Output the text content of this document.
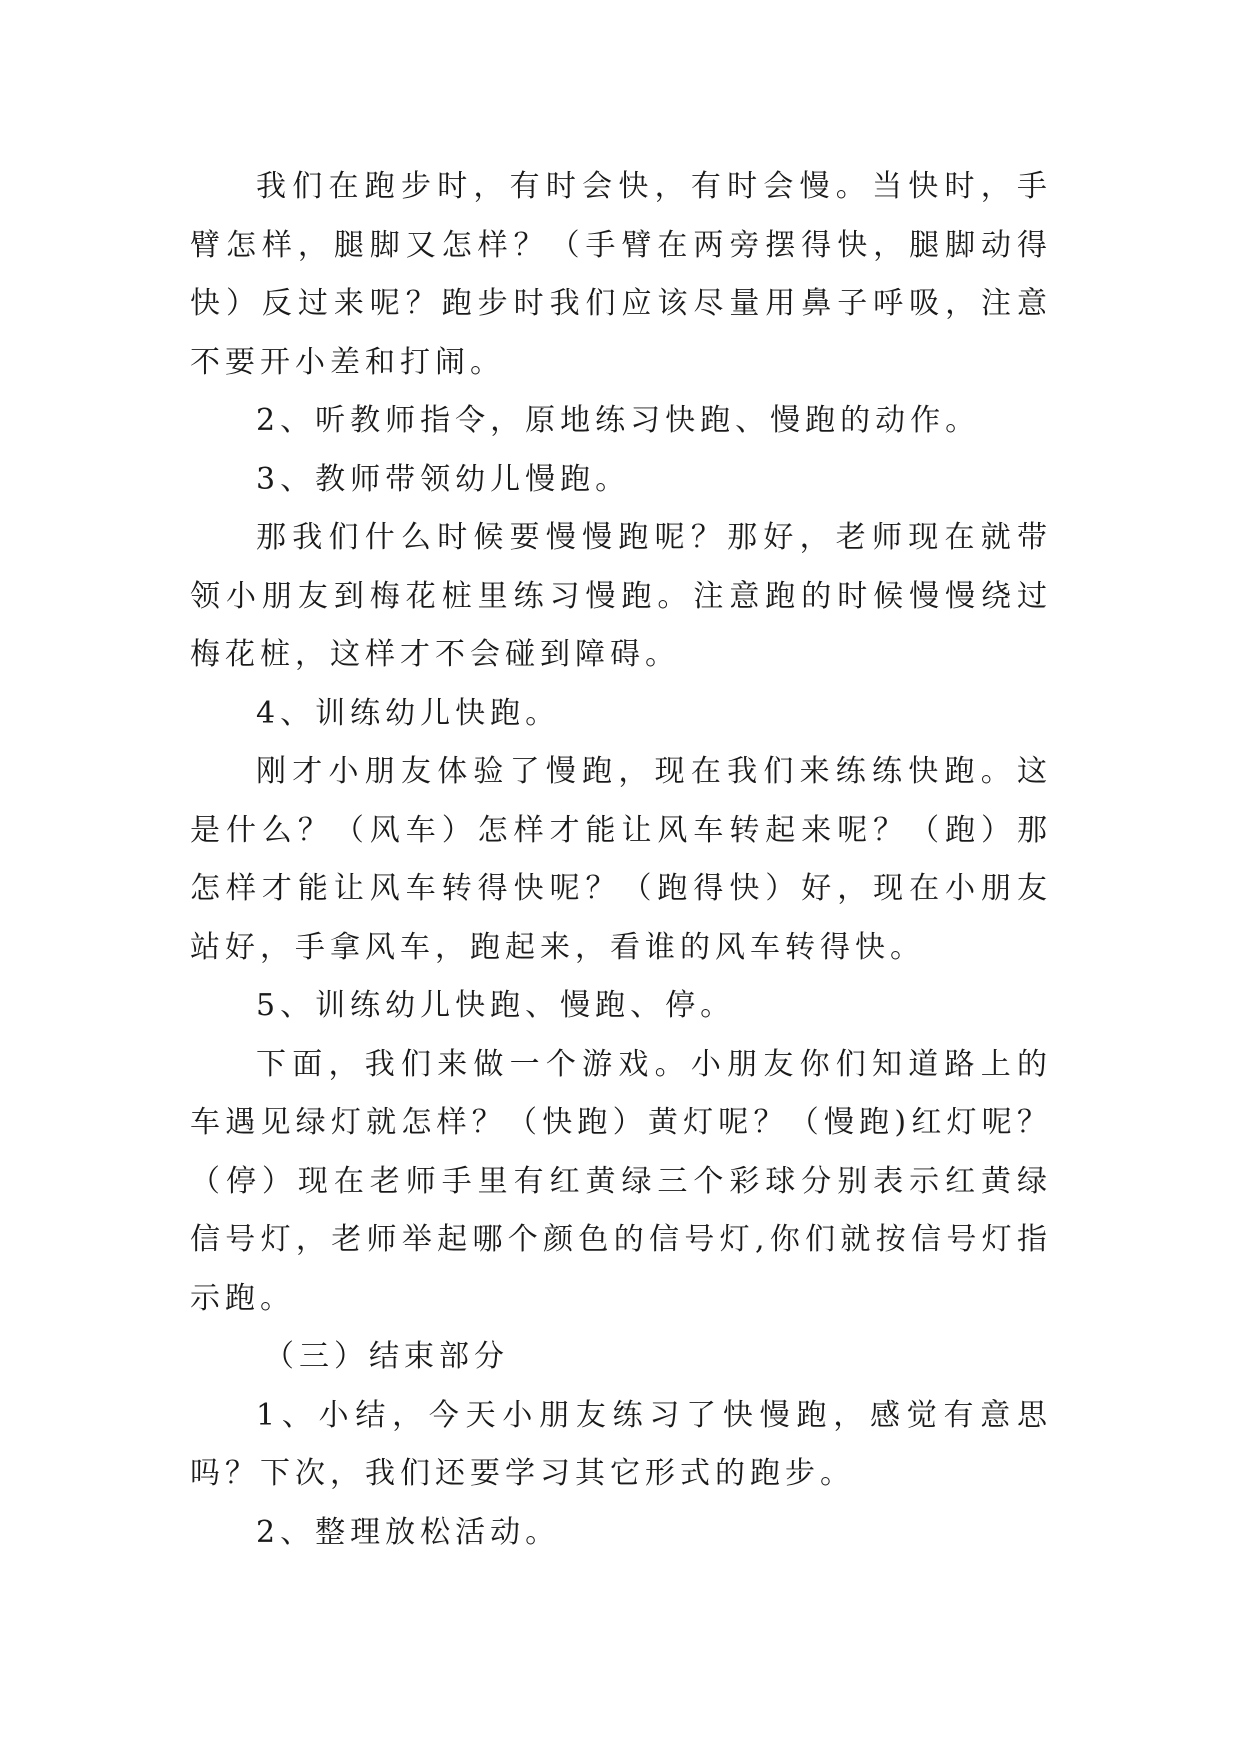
我们在跑步时，有时会快，有时会慢。当快时，手臂怎样，腿脚又怎样？（手臂在两旁摆得快，腿脚动得快）反过来呢？跑步时我们应该尽量用鼻子呼吸，注意不要开小差和打闹。

2、听教师指令，原地练习快跑、慢跑的动作。

3、教师带领幼儿慢跑。

那我们什么时候要慢慢跑呢？那好，老师现在就带领小朋友到梅花桩里练习慢跑。注意跑的时候慢慢绕过梅花桩，这样才不会碰到障碍。

4、训练幼儿快跑。

刚才小朋友体验了慢跑，现在我们来练练快跑。这是什么？（风车）怎样才能让风车转起来呢？（跑）那怎样才能让风车转得快呢？（跑得快）好，现在小朋友站好，手拿风车，跑起来，看谁的风车转得快。

5、训练幼儿快跑、慢跑、停。

下面，我们来做一个游戏。小朋友你们知道路上的车遇见绿灯就怎样？（快跑）黄灯呢？（慢跑)红灯呢？（停）现在老师手里有红黄绿三个彩球分别表示红黄绿信号灯，老师举起哪个颜色的信号灯,你们就按信号灯指示跑。

（三）结束部分

1、小结，今天小朋友练习了快慢跑，感觉有意思吗？下次，我们还要学习其它形式的跑步。

2、整理放松活动。
